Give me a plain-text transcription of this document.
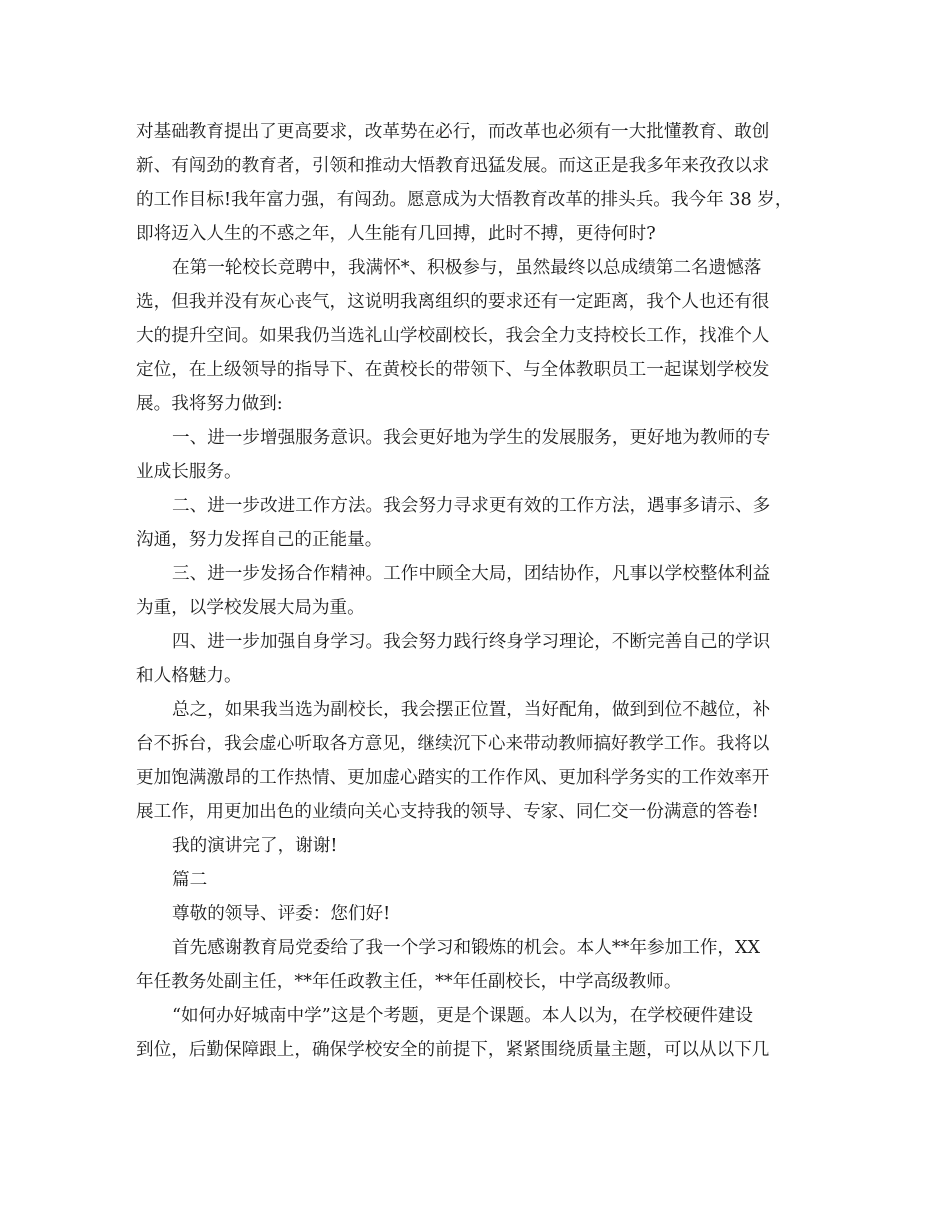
对基础教育提出了更高要求，改革势在必行，而改革也必须有一大批懂教育、敢创
新、有闯劲的教育者，引领和推动大悟教育迅猛发展。而这正是我多年来孜孜以求
的工作目标!我年富力强，有闯劲。愿意成为大悟教育改革的排头兵。我今年 38 岁，
即将迈入人生的不惑之年，人生能有几回搏，此时不搏，更待何时?
在第一轮校长竞聘中，我满怀*、积极参与，虽然最终以总成绩第二名遗憾落
选，但我并没有灰心丧气，这说明我离组织的要求还有一定距离，我个人也还有很
大的提升空间。如果我仍当选礼山学校副校长，我会全力支持校长工作，找准个人
定位，在上级领导的指导下、在黄校长的带领下、与全体教职员工一起谋划学校发
展。我将努力做到:
一、进一步增强服务意识。我会更好地为学生的发展服务，更好地为教师的专
业成长服务。
二、进一步改进工作方法。我会努力寻求更有效的工作方法，遇事多请示、多
沟通，努力发挥自己的正能量。
三、进一步发扬合作精神。工作中顾全大局，团结协作，凡事以学校整体利益
为重，以学校发展大局为重。
四、进一步加强自身学习。我会努力践行终身学习理论，不断完善自己的学识
和人格魅力。
总之，如果我当选为副校长，我会摆正位置，当好配角，做到到位不越位，补
台不拆台，我会虚心听取各方意见，继续沉下心来带动教师搞好教学工作。我将以
更加饱满激昂的工作热情、更加虚心踏实的工作作风、更加科学务实的工作效率开
展工作，用更加出色的业绩向关心支持我的领导、专家、同仁交一份满意的答卷!
我的演讲完了，谢谢!
篇二
尊敬的领导、评委：您们好!
首先感谢教育局党委给了我一个学习和锻炼的机会。本人**年参加工作，XX
年任教务处副主任，**年任政教主任，**年任副校长，中学高级教师。
“如何办好城南中学”这是个考题，更是个课题。本人以为，在学校硬件建设
到位，后勤保障跟上，确保学校安全的前提下，紧紧围绕质量主题，可以从以下几
